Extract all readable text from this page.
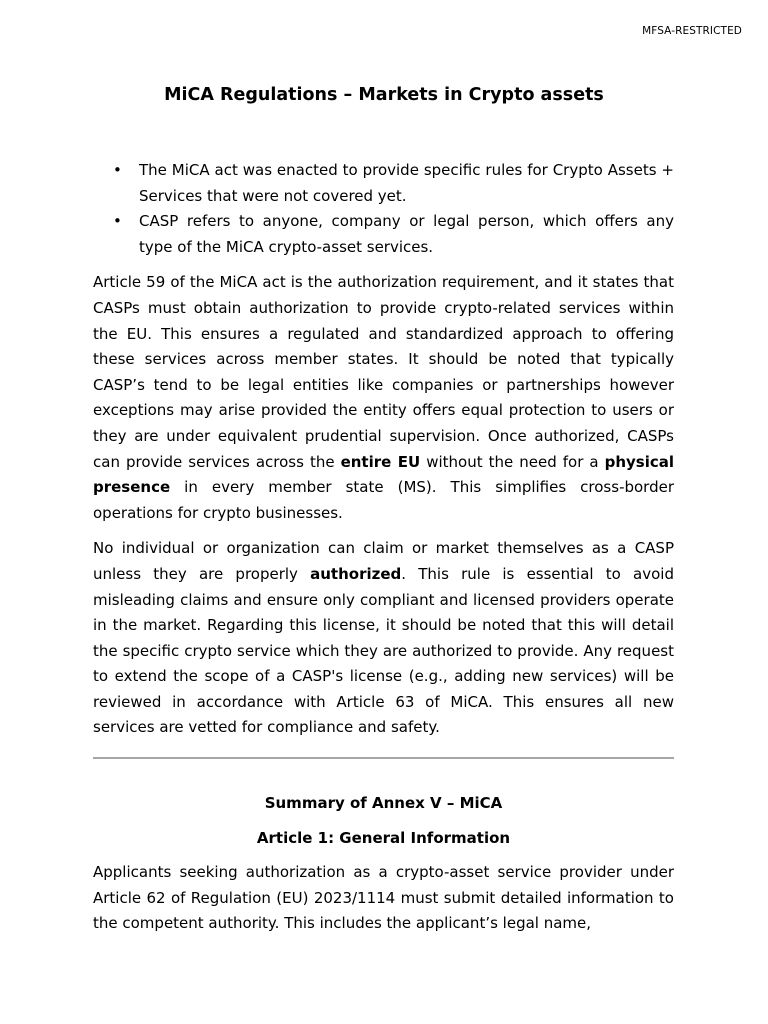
MFSA-RESTRICTED
MiCA Regulations – Markets in Crypto assets
• The MiCA act was enacted to provide specific rules for Crypto Assets + Services that were not covered yet.
• CASP refers to anyone, company or legal person, which offers any type of the MiCA crypto-asset services.

Article 59 of the MiCA act is the authorization requirement, and it states that CASPs must obtain authorization to provide crypto-related services within the EU. This ensures a regulated and standardized approach to offering these services across member states. It should be noted that typically CASP’s tend to be legal entities like companies or partnerships however exceptions may arise provided the entity offers equal protection to users or they are under equivalent prudential supervision. Once authorized, CASPs can provide services across the entire EU without the need for a physical presence in every member state (MS). This simplifies cross-border operations for crypto businesses.

No individual or organization can claim or market themselves as a CASP unless they are properly authorized. This rule is essential to avoid misleading claims and ensure only compliant and licensed providers operate in the market. Regarding this license, it should be noted that this will detail the specific crypto service which they are authorized to provide. Any request to extend the scope of a CASP's license (e.g., adding new services) will be reviewed in accordance with Article 63 of MiCA. This ensures all new services are vetted for compliance and safety.

Summary of Annex V – MiCA
Article 1: General Information

Applicants seeking authorization as a crypto-asset service provider under Article 62 of Regulation (EU) 2023/1114 must submit detailed information to the competent authority. This includes the applicant’s legal name,
